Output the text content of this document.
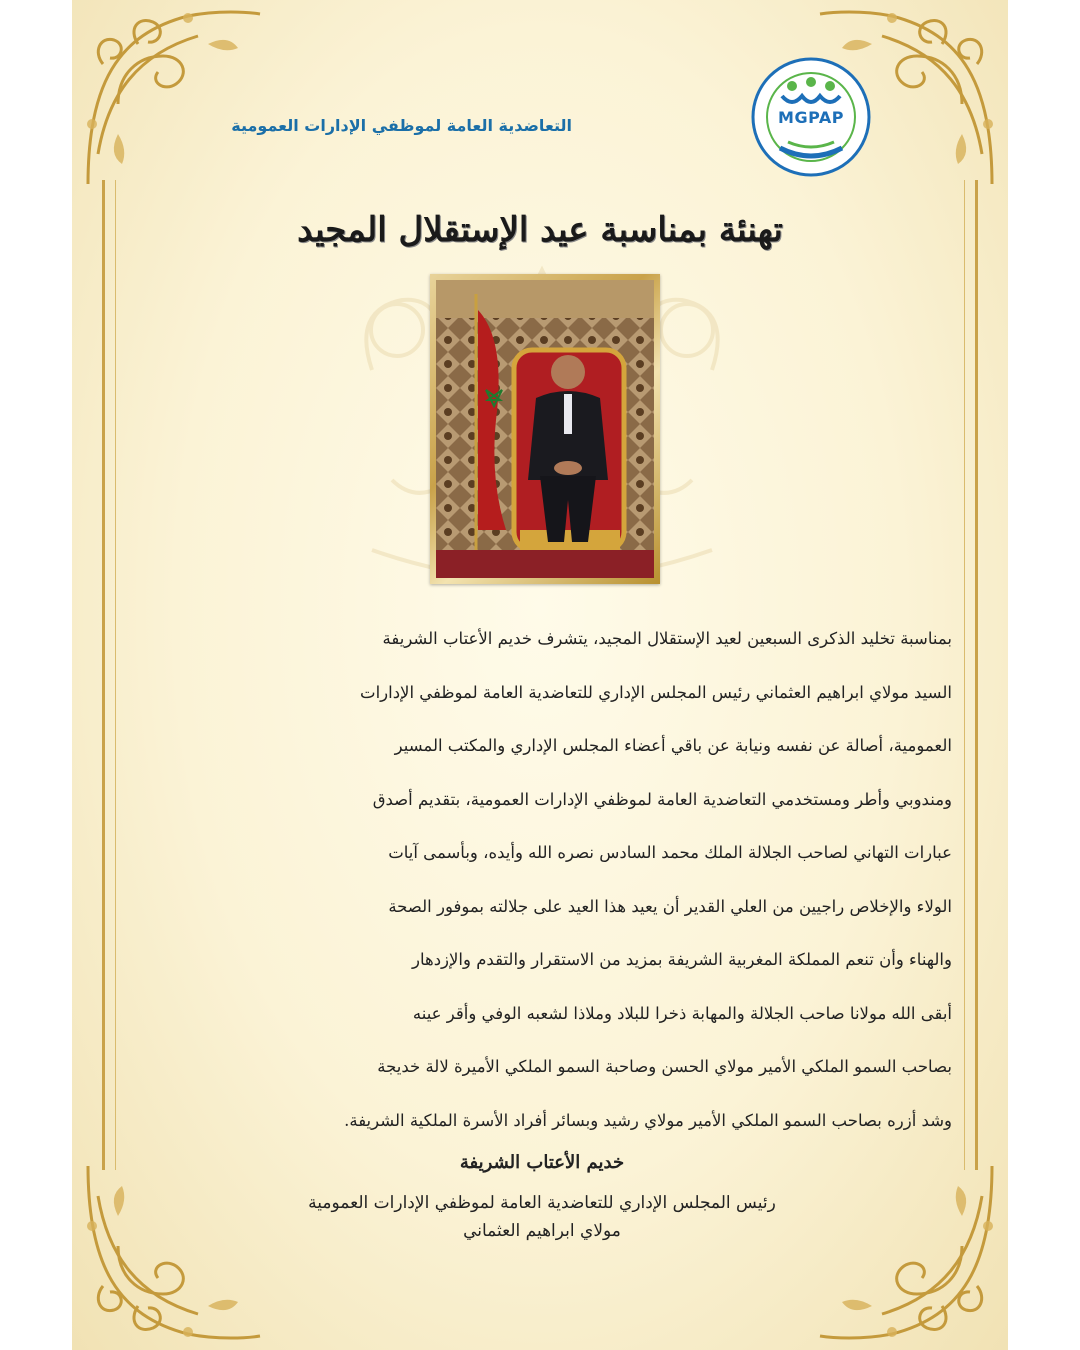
التعاضدية العامة لموظفي الإدارات العمومية	MGPAP
تهنئة بمناسبة عيد الإستقلال المجيد

بمناسبة تخليد الذكرى السبعين لعيد الإستقلال المجيد، يتشرف خديم الأعتاب الشريفة

السيد مولاي ابراهيم العثماني رئيس المجلس الإداري للتعاضدية العامة لموظفي الإدارات

العمومية، أصالة عن نفسه ونيابة عن باقي أعضاء المجلس الإداري والمكتب المسير

ومندوبي وأطر ومستخدمي التعاضدية العامة لموظفي الإدارات العمومية، بتقديم أصدق

عبارات التهاني لصاحب الجلالة الملك محمد السادس نصره الله وأيده، وبأسمى آيات

الولاء والإخلاص راجيين من العلي القدير أن يعيد هذا العيد على جلالته بموفور الصحة

والهناء وأن تنعم المملكة المغربية الشريفة بمزيد من الاستقرار والتقدم والإزدهار

أبقى الله مولانا صاحب الجلالة والمهابة ذخرا للبلاد وملاذا لشعبه الوفي وأقر عينه

بصاحب السمو الملكي الأمير مولاي الحسن وصاحبة السمو الملكي الأميرة لالة خديجة

وشد أزره بصاحب السمو الملكي الأمير مولاي رشيد وبسائر أفراد الأسرة الملكية الشريفة.

خديم الأعتاب الشريفة
رئيس المجلس الإداري للتعاضدية العامة لموظفي الإدارات العمومية
مولاي ابراهيم العثماني
